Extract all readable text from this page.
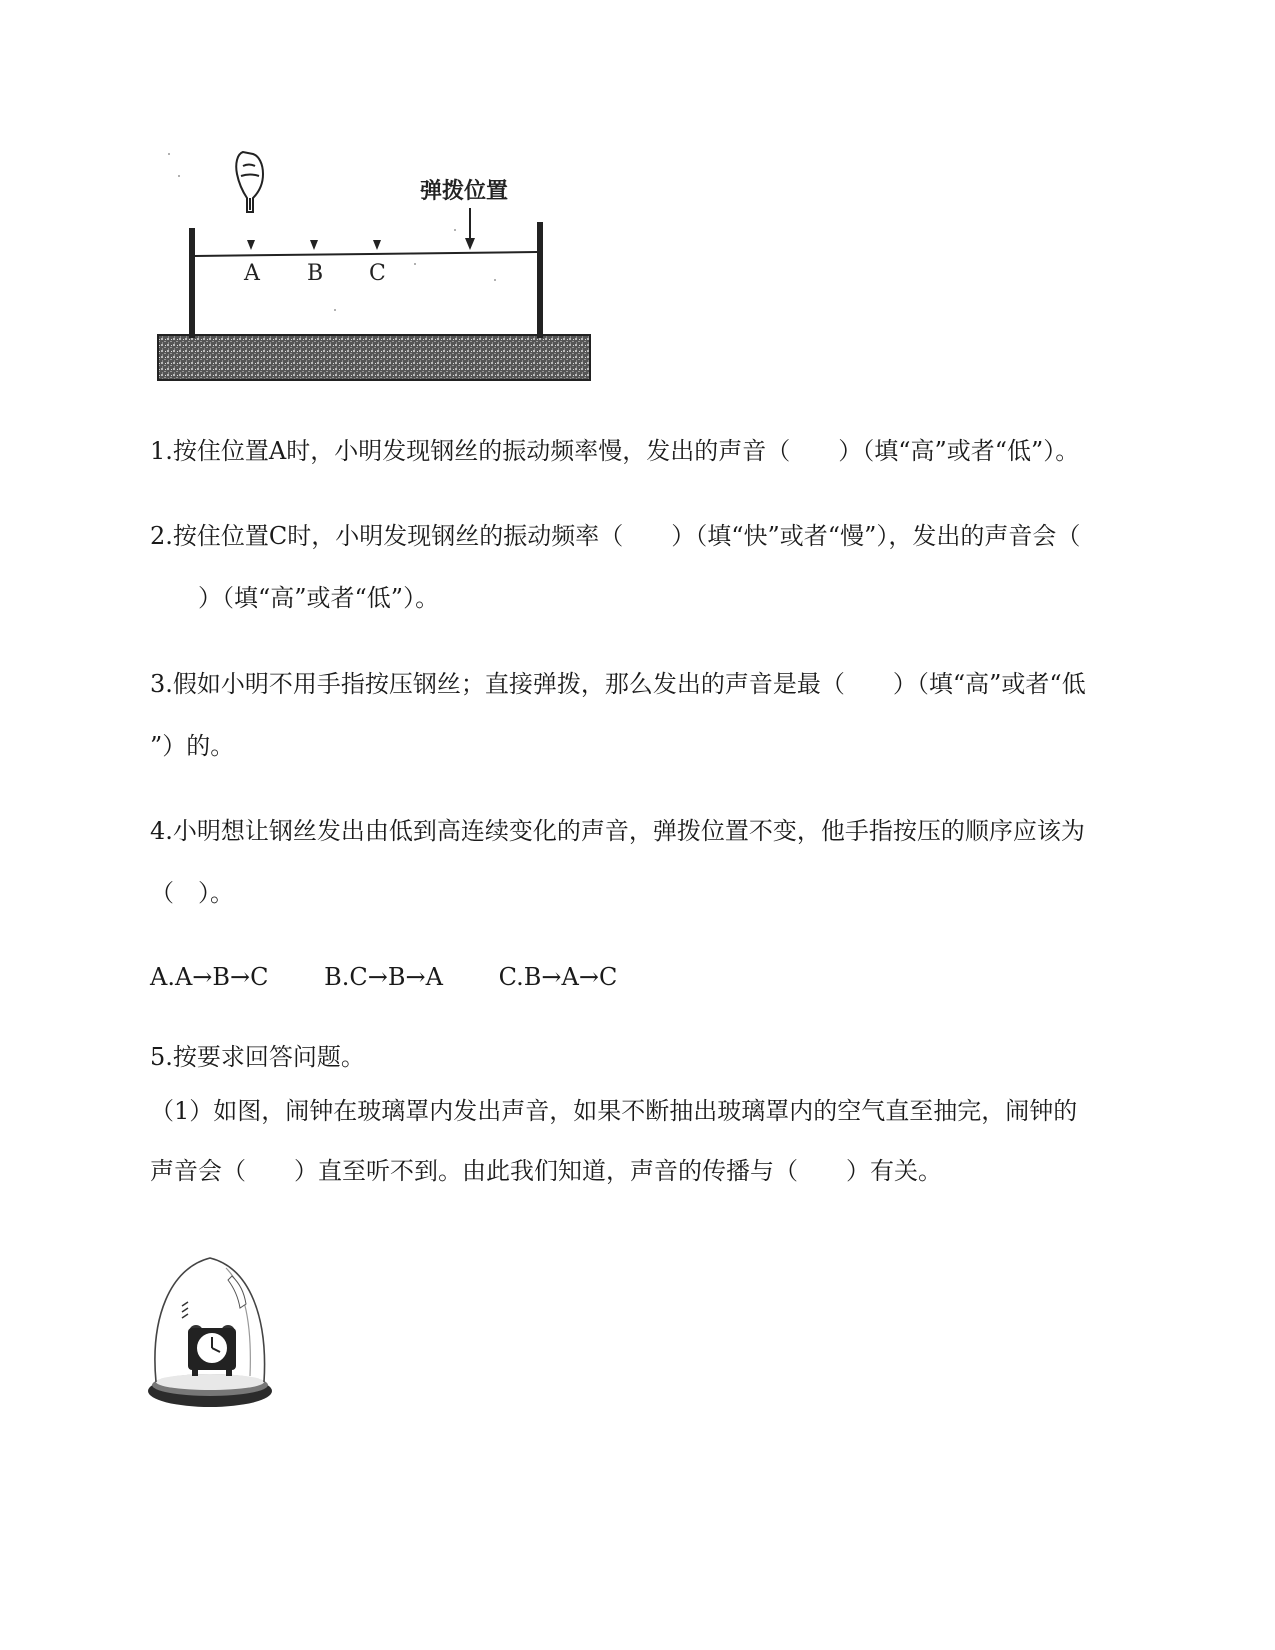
A B C
弹拨位置
1.按住位置A时，小明发现钢丝的振动频率慢，发出的声音（　　）（填“高”或者“低”）。
2.按住位置C时，小明发现钢丝的振动频率（　　）（填“快”或者“慢”），发出的声音会（
　　）（填“高”或者“低”）。
3.假如小明不用手指按压钢丝；直接弹拨，那么发出的声音是最（　　）（填“高”或者“低
”）的。
4.小明想让钢丝发出由低到高连续变化的声音，弹拨位置不变，他手指按压的顺序应该为
（　）。
A.A→B→C B.C→B→A C.B→A→C
5.按要求回答问题。
（1）如图，闹钟在玻璃罩内发出声音，如果不断抽出玻璃罩内的空气直至抽完，闹钟的
声音会（　　）直至听不到。由此我们知道，声音的传播与（　　）有关。
